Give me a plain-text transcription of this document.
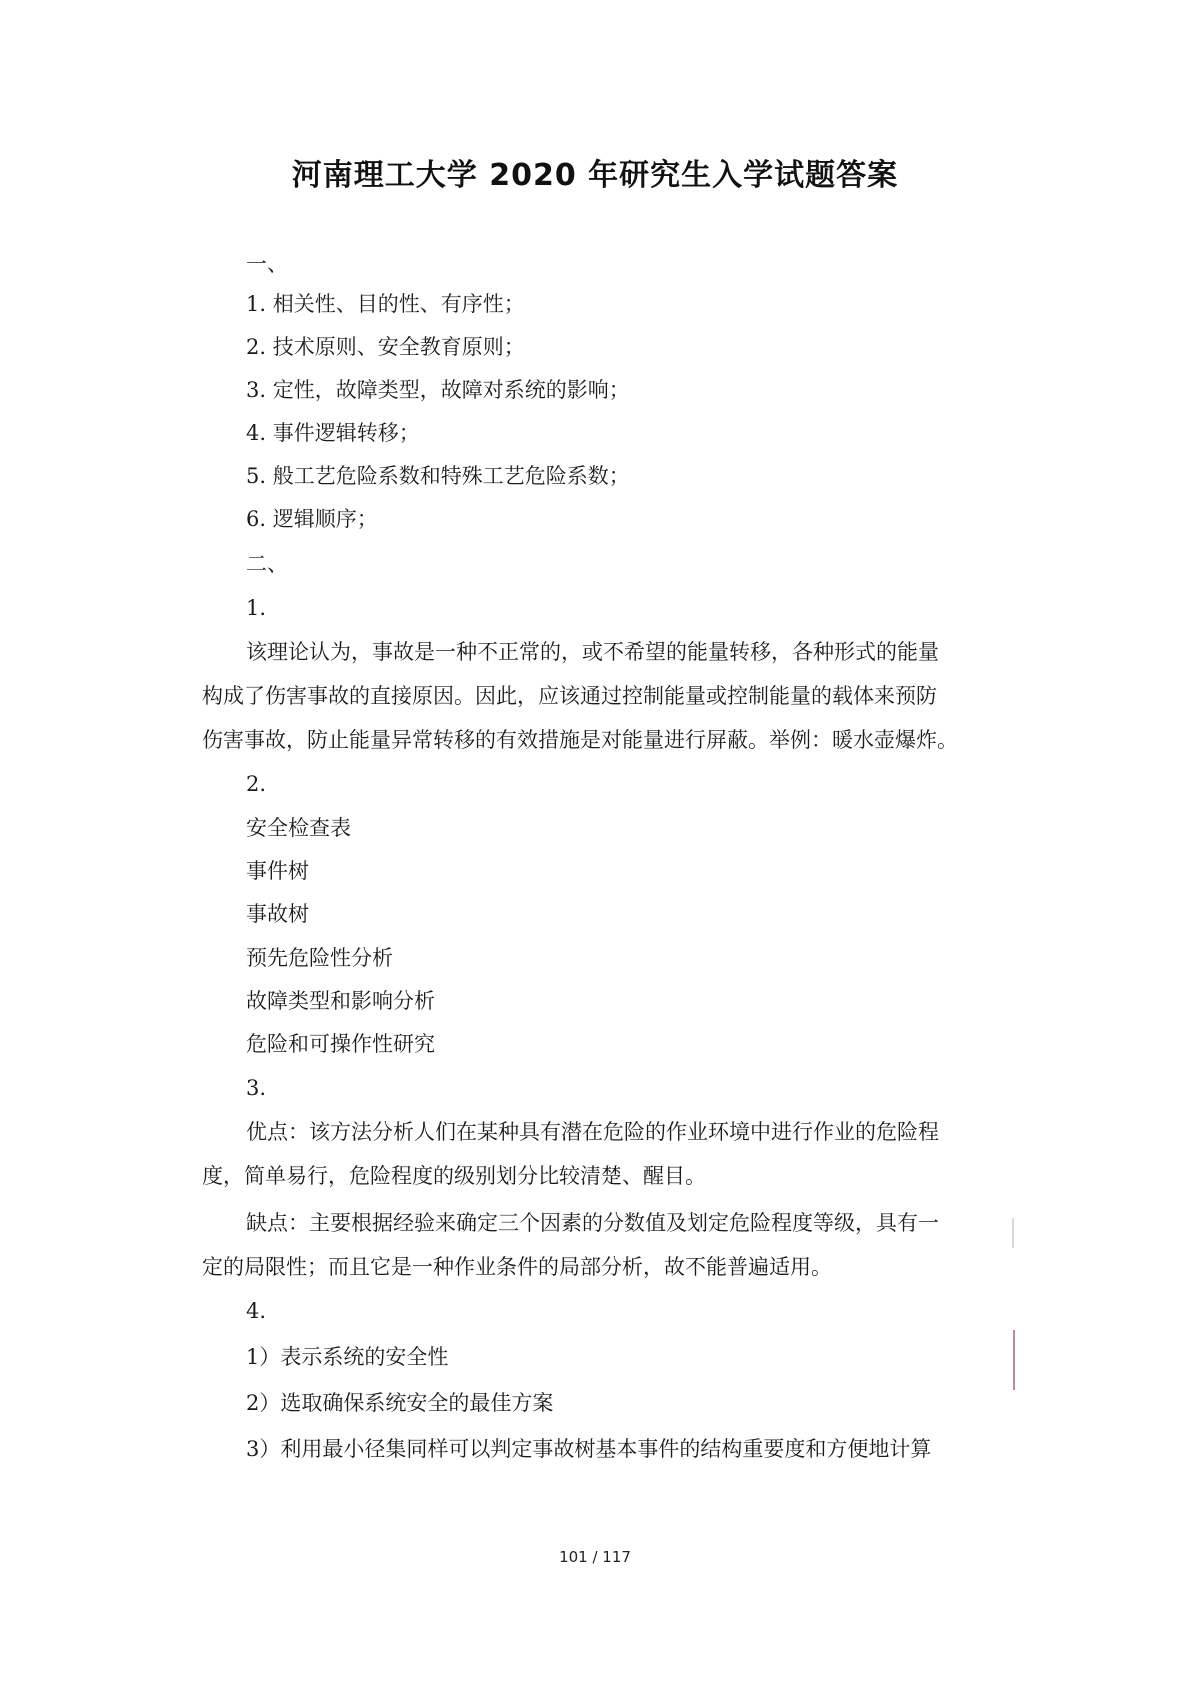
河南理工大学 2020 年研究生入学试题答案
一、
1. 相关性、目的性、有序性；
2. 技术原则、安全教育原则；
3. 定性，故障类型，故障对系统的影响；
4. 事件逻辑转移；
5. 般工艺危险系数和特殊工艺危险系数；
6. 逻辑顺序；
二、
1.
该理论认为，事故是一种不正常的，或不希望的能量转移，各种形式的能量
构成了伤害事故的直接原因。因此，应该通过控制能量或控制能量的载体来预防
伤害事故，防止能量异常转移的有效措施是对能量进行屏蔽。举例：暖水壶爆炸。
2.
安全检查表
事件树
事故树
预先危险性分析
故障类型和影响分析
危险和可操作性研究
3.
优点：该方法分析人们在某种具有潜在危险的作业环境中进行作业的危险程
度，简单易行，危险程度的级别划分比较清楚、醒目。
缺点：主要根据经验来确定三个因素的分数值及划定危险程度等级，具有一
定的局限性；而且它是一种作业条件的局部分析，故不能普遍适用。
4.
1）表示系统的安全性
2）选取确保系统安全的最佳方案
3）利用最小径集同样可以判定事故树基本事件的结构重要度和方便地计算
101 / 117
